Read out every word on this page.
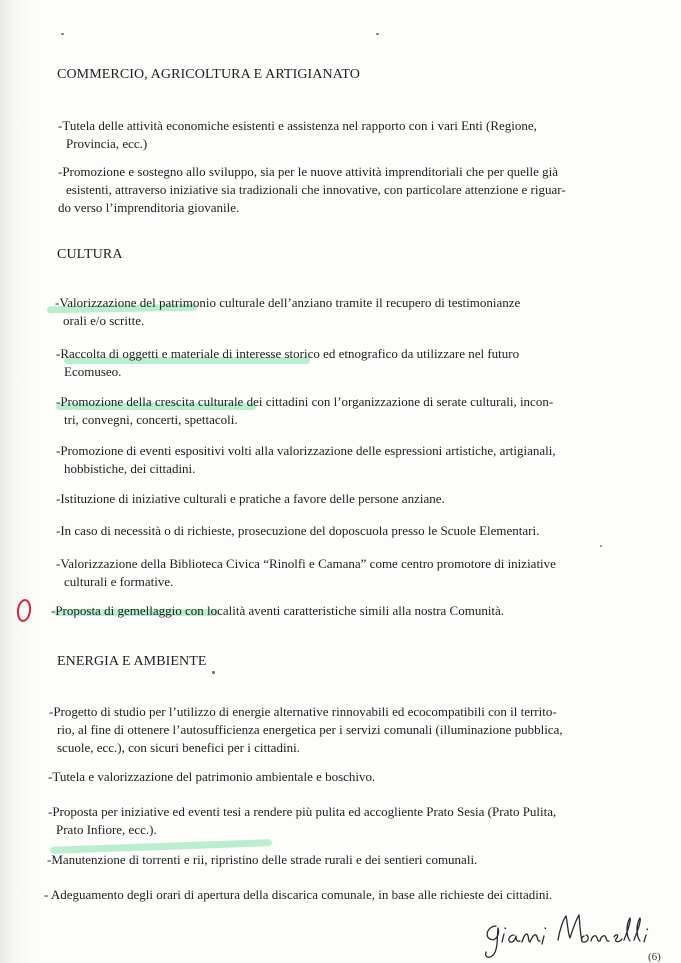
COMMERCIO, AGRICOLTURA E ARTIGIANATO
-Tutela delle attività economiche esistenti e assistenza nel rapporto con i vari Enti (Regione,
Provincia, ecc.)
-Promozione e sostegno allo sviluppo, sia per le nuove attività imprenditoriali che per quelle già
esistenti, attraverso iniziative sia tradizionali che innovative, con particolare attenzione e riguar-
do verso l’imprenditoria giovanile.
CULTURA
-Valorizzazione del patrimonio culturale dell’anziano tramite il recupero di testimonianze
orali e/o scritte.
-Raccolta di oggetti e materiale di interesse storico ed etnografico da utilizzare nel futuro
Ecomuseo.
-Promozione della crescita culturale dei cittadini con l’organizzazione di serate culturali, incon-
tri, convegni, concerti, spettacoli.
-Promozione di eventi espositivi volti alla valorizzazione delle espressioni artistiche, artigianali,
hobbistiche, dei cittadini.
-Istituzione di iniziative culturali e pratiche a favore delle persone anziane.
-In caso di necessità o di richieste, prosecuzione del doposcuola presso le Scuole Elementari.
-Valorizzazione della Biblioteca Civica “Rinolfi e Camana” come centro promotore di iniziative
culturali e formative.
-Proposta di gemellaggio con località aventi caratteristiche simili alla nostra Comunità.
ENERGIA E AMBIENTE
-Progetto di studio per l’utilizzo di energie alternative rinnovabili ed ecocompatibili con il territo-
rio, al fine di ottenere l’autosufficienza energetica per i servizi comunali (illuminazione pubblica,
scuole, ecc.), con sicuri benefici per i cittadini.
-Tutela e valorizzazione del patrimonio ambientale e boschivo.
-Proposta per iniziative ed eventi tesi a rendere più pulita ed accogliente Prato Sesia (Prato Pulita,
Prato Infiore, ecc.).
-Manutenzione di torrenti e rii, ripristino delle strade rurali e dei sentieri comunali.
- Adeguamento degli orari di apertura della discarica comunale, in base alle richieste dei cittadini.
(6)
